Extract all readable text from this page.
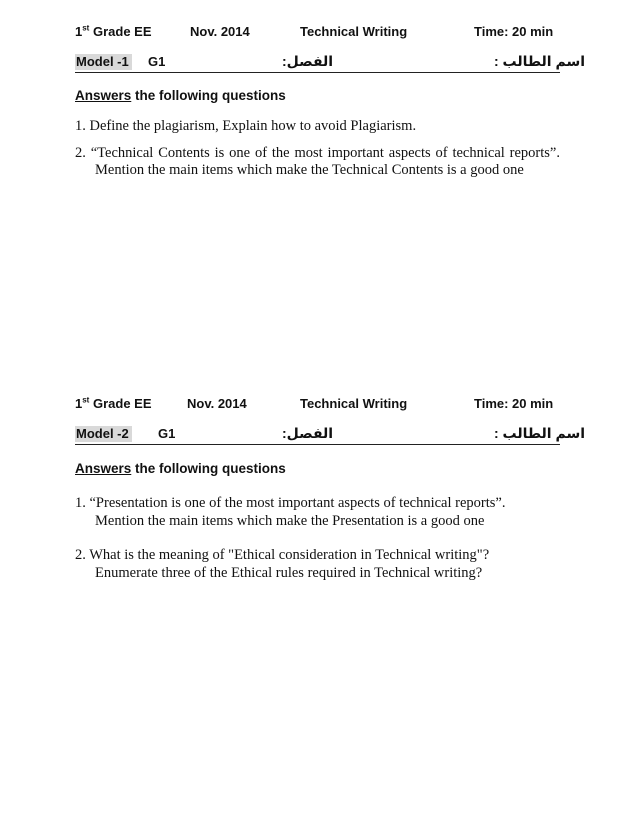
1st Grade EE	Nov. 2014	Technical Writing	Time: 20 min
Model -1 G1	الفصل:	اسم الطالب :
Answers the following questions
1. Define the plagiarism, Explain how to avoid Plagiarism.
2. “Technical Contents is one of the most important aspects of technical reports”.
Mention the main items which make the Technical Contents is a good one
1st Grade EE	Nov. 2014	Technical Writing	Time: 20 min
Model -2 G1	الفصل:	اسم الطالب :
Answers the following questions
1. “Presentation is one of the most important aspects of technical reports”.
Mention the main items which make the Presentation is a good one
2. What is the meaning of "Ethical consideration in Technical writing"?
Enumerate three of the Ethical rules required in Technical writing?
